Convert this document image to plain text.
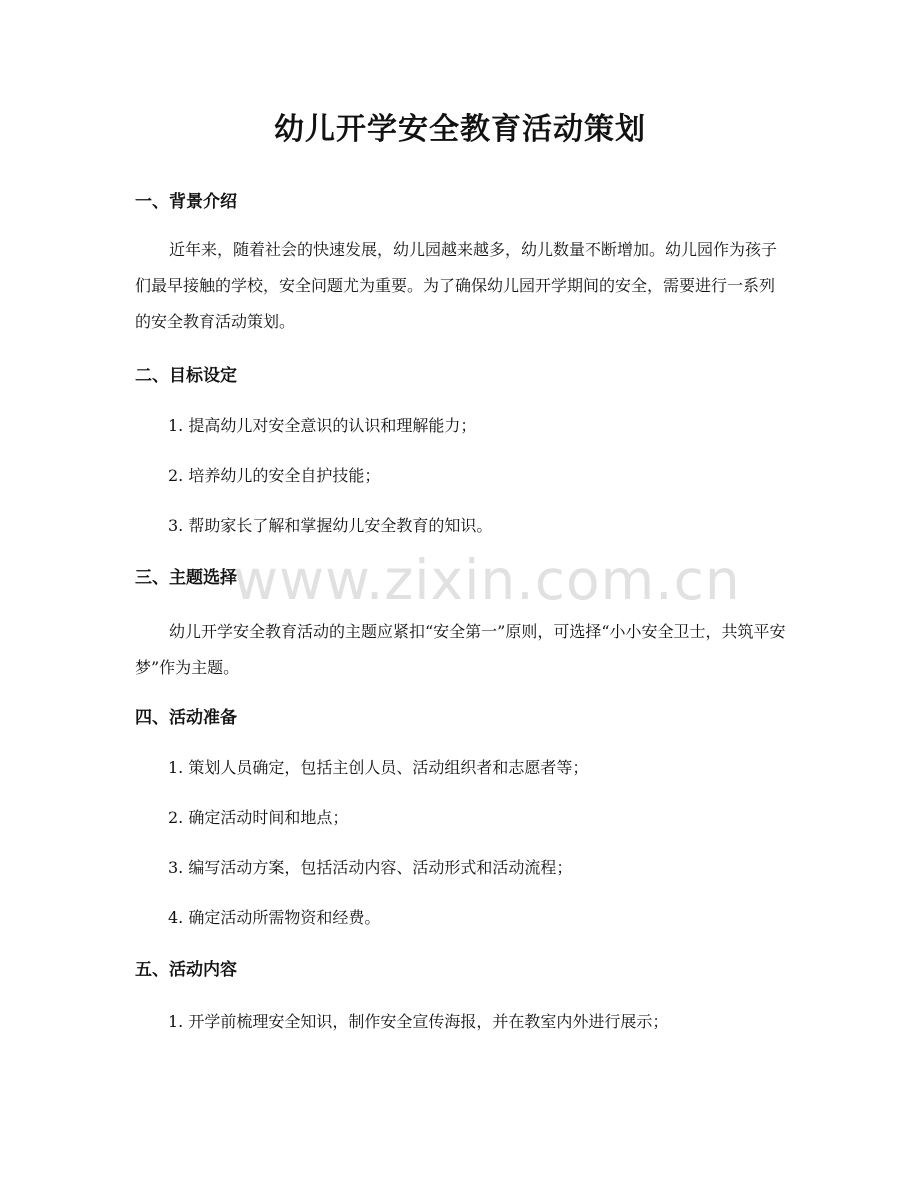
幼儿开学安全教育活动策划
一、背景介绍
近年来，随着社会的快速发展，幼儿园越来越多，幼儿数量不断增加。幼儿园作为孩子们最早接触的学校，安全问题尤为重要。为了确保幼儿园开学期间的安全，需要进行一系列的安全教育活动策划。
二、目标设定
1. 提高幼儿对安全意识的认识和理解能力；
2. 培养幼儿的安全自护技能；
3. 帮助家长了解和掌握幼儿安全教育的知识。
三、主题选择
幼儿开学安全教育活动的主题应紧扣“安全第一”原则，可选择“小小安全卫士，共筑平安梦”作为主题。
四、活动准备
1. 策划人员确定，包括主创人员、活动组织者和志愿者等；
2. 确定活动时间和地点；
3. 编写活动方案，包括活动内容、活动形式和活动流程；
4. 确定活动所需物资和经费。
五、活动内容
1. 开学前梳理安全知识，制作安全宣传海报，并在教室内外进行展示；
www.zixin.com.cn
